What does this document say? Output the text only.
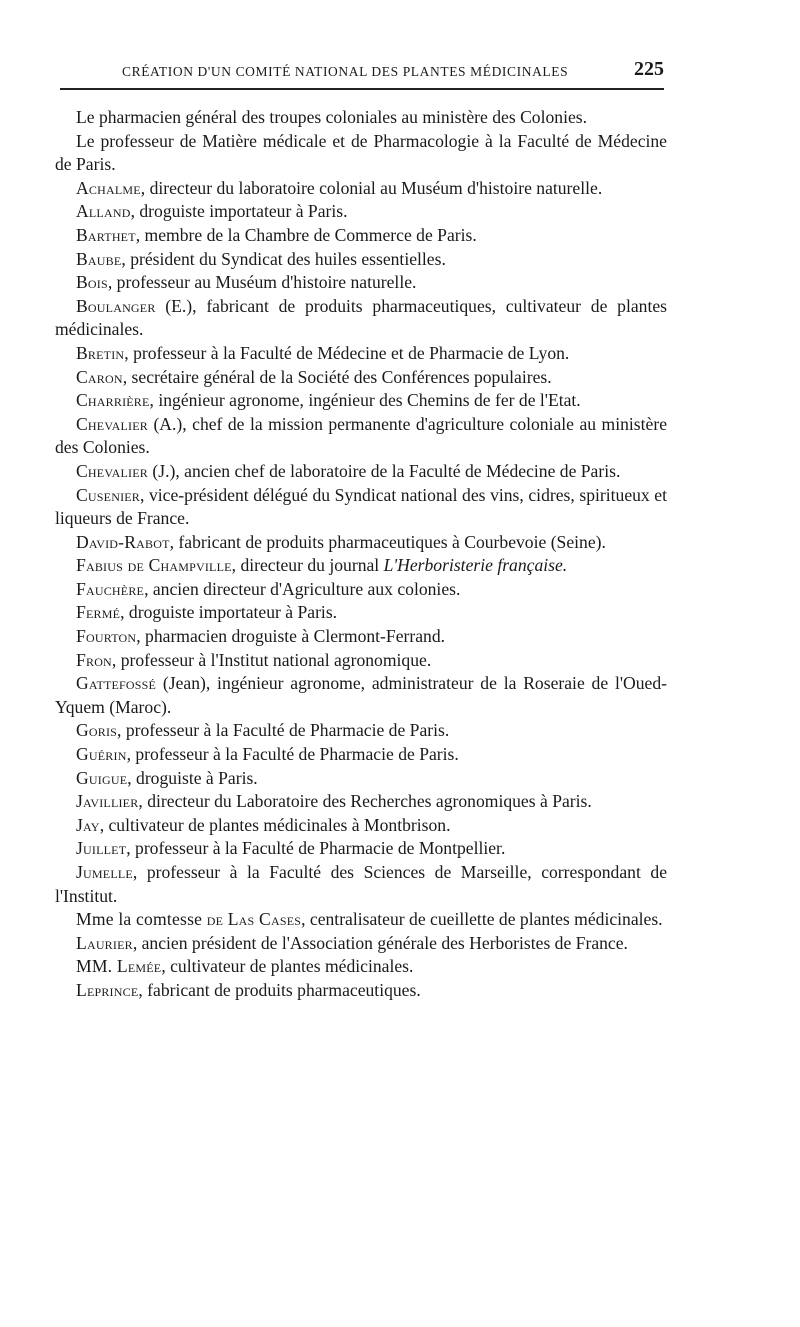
CRÉATION D'UN COMITÉ NATIONAL DES PLANTES MÉDICINALES	225

Le pharmacien général des troupes coloniales au ministère des Colonies.

Le professeur de Matière médicale et de Pharmacologie à la Faculté de Médecine de Paris.

Achalme, directeur du laboratoire colonial au Muséum d'histoire naturelle.

Alland, droguiste importateur à Paris.

Barthet, membre de la Chambre de Commerce de Paris.

Baube, président du Syndicat des huiles essentielles.

Bois, professeur au Muséum d'histoire naturelle.

Boulanger (E.), fabricant de produits pharmaceutiques, cultivateur de plantes médicinales.

Bretin, professeur à la Faculté de Médecine et de Pharmacie de Lyon.

Caron, secrétaire général de la Société des Conférences populaires.

Charrière, ingénieur agronome, ingénieur des Chemins de fer de l'Etat.

Chevalier (A.), chef de la mission permanente d'agriculture coloniale au ministère des Colonies.

Chevalier (J.), ancien chef de laboratoire de la Faculté de Médecine de Paris.

Cusenier, vice-président délégué du Syndicat national des vins, cidres, spiritueux et liqueurs de France.

David-Rabot, fabricant de produits pharmaceutiques à Courbevoie (Seine).

Fabius de Champville, directeur du journal L'Herboristerie française.

Fauchère, ancien directeur d'Agriculture aux colonies.

Fermé, droguiste importateur à Paris.

Fourton, pharmacien droguiste à Clermont-Ferrand.

Fron, professeur à l'Institut national agronomique.

Gattefossé (Jean), ingénieur agronome, administrateur de la Roseraie de l'Oued-Yquem (Maroc).

Goris, professeur à la Faculté de Pharmacie de Paris.

Guérin, professeur à la Faculté de Pharmacie de Paris.

Guigue, droguiste à Paris.

Javillier, directeur du Laboratoire des Recherches agronomiques à Paris.

Jay, cultivateur de plantes médicinales à Montbrison.

Juillet, professeur à la Faculté de Pharmacie de Montpellier.

Jumelle, professeur à la Faculté des Sciences de Marseille, correspondant de l'Institut.

Mme la comtesse de Las Cases, centralisateur de cueillette de plantes médicinales.

Laurier, ancien président de l'Association générale des Herboristes de France.

MM. Lemée, cultivateur de plantes médicinales.

Leprince, fabricant de produits pharmaceutiques.
